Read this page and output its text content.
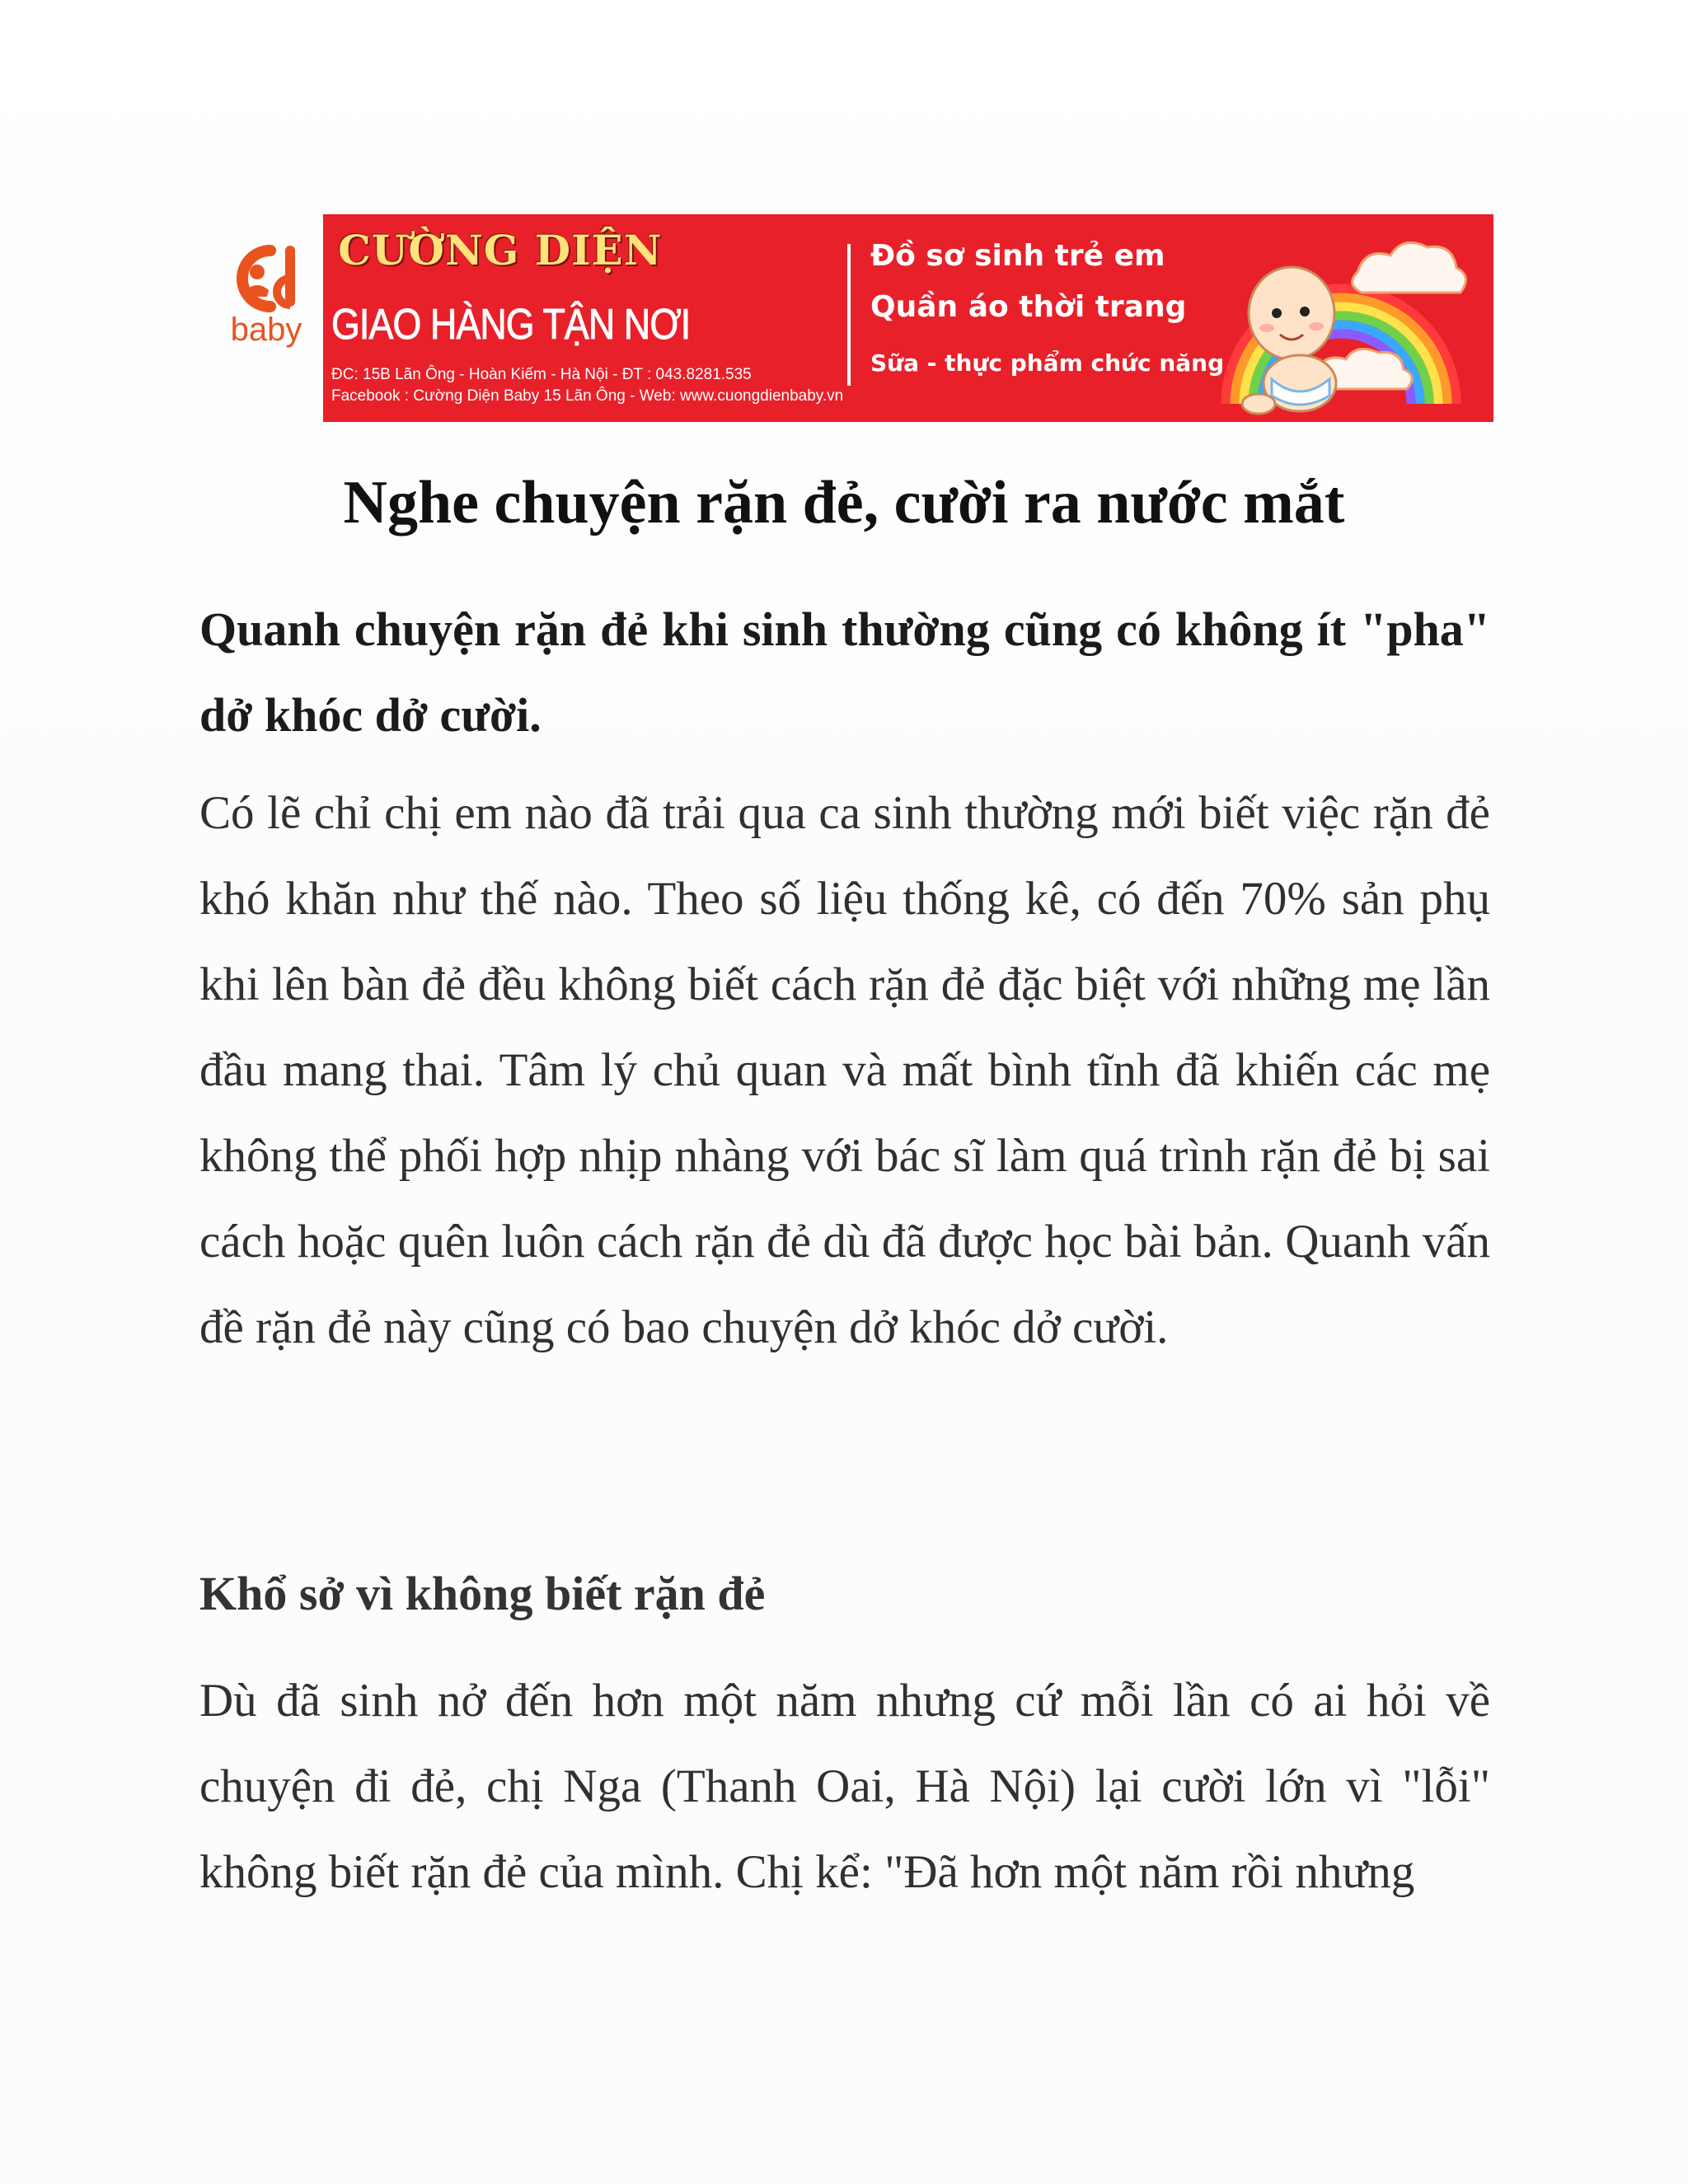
baby
CƯỜNG DIỆN
GIAO HÀNG TẬN NƠI
ĐC: 15B Lãn Ông - Hoàn Kiếm - Hà Nội - ĐT : 043.8281.535
Facebook : Cường Diện Baby 15 Lãn Ông - Web: www.cuongdienbaby.vn
Đồ sơ sinh trẻ em
Quần áo thời trang
Sữa - thực phẩm chức năng
Nghe chuyện rặn đẻ, cười ra nước mắt

Quanh chuyện rặn đẻ khi sinh thường cũng có không ít "pha" dở khóc dở cười.

Có lẽ chỉ chị em nào đã trải qua ca sinh thường mới biết việc rặn đẻ khó khăn như thế nào. Theo số liệu thống kê, có đến 70% sản phụ khi lên bàn đẻ đều không biết cách rặn đẻ đặc biệt với những mẹ lần đầu mang thai. Tâm lý chủ quan và mất bình tĩnh đã khiến các mẹ không thể phối hợp nhịp nhàng với bác sĩ làm quá trình rặn đẻ bị sai cách hoặc quên luôn cách rặn đẻ dù đã được học bài bản. Quanh vấn đề rặn đẻ này cũng có bao chuyện dở khóc dở cười.

Khổ sở vì không biết rặn đẻ

Dù đã sinh nở đến hơn một năm nhưng cứ mỗi lần có ai hỏi về chuyện đi đẻ, chị Nga (Thanh Oai, Hà Nội) lại cười lớn vì "lỗi" không biết rặn đẻ của mình. Chị kể: "Đã hơn một năm rồi nhưng
